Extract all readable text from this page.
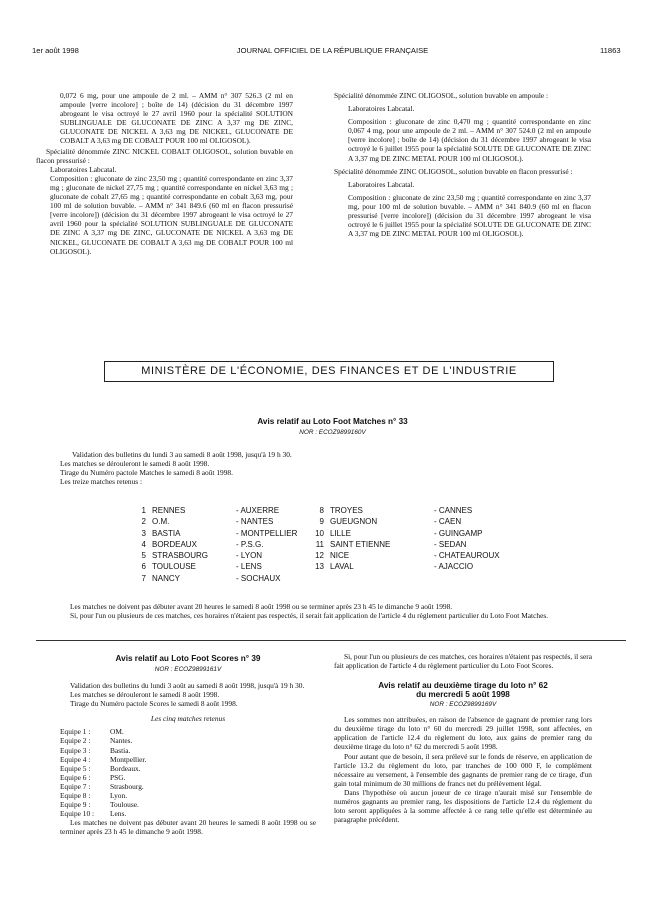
1er août 1998	JOURNAL OFFICIEL DE LA RÉPUBLIQUE FRANÇAISE	11863

0,072 6 mg, pour une ampoule de 2 ml. – AMM n° 307 526.3 (2 ml en ampoule [verre incolore] ; boîte de 14) (décision du 31 décembre 1997 abrogeant le visa octroyé le 27 avril 1960 pour la spécialité SOLUTION SUBLINGUALE DE GLUCONATE DE ZINC A 3,37 mg DE ZINC, GLUCONATE DE NICKEL A 3,63 mg DE NICKEL, GLUCONATE DE COBALT A 3,63 mg DE COBALT POUR 100 ml OLIGOSOL).

Spécialité dénommée ZINC NICKEL COBALT OLIGOSOL, solution buvable en flacon pressurisé :

Laboratoires Labcatal.

Composition : gluconate de zinc 23,50 mg ; quantité correspondante en zinc 3,37 mg ; gluconate de nickel 27,75 mg ; quantité correspondante en nickel 3,63 mg ; gluconate de cobalt 27,65 mg ; quantité correspondante en cobalt 3,63 mg, pour 100 ml de solution buvable. – AMM n° 341 849.6 (60 ml en flacon pressurisé [verre incolore]) (décision du 31 décembre 1997 abrogeant le visa octroyé le 27 avril 1960 pour la spécialité SOLUTION SUBLINGUALE DE GLUCONATE DE ZINC A 3,37 mg DE ZINC, GLUCONATE DE NICKEL A 3,63 mg DE NICKEL, GLUCONATE DE COBALT A 3,63 mg DE COBALT POUR 100 ml OLIGOSOL).

Spécialité dénommée ZINC OLIGOSOL, solution buvable en ampoule :

Laboratoires Labcatal.

Composition : gluconate de zinc 0,470 mg ; quantité correspondante en zinc 0,067 4 mg, pour une ampoule de 2 ml. – AMM n° 307 524.0 (2 ml en ampoule [verre incolore] ; boîte de 14) (décision du 31 décembre 1997 abrogeant le visa octroyé le 6 juillet 1955 pour la spécialité SOLUTE DE GLUCONATE DE ZINC A 3,37 mg DE ZINC METAL POUR 100 ml OLIGOSOL).

Spécialité dénommée ZINC OLIGOSOL, solution buvable en flacon pressurisé :

Laboratoires Labcatal.

Composition : gluconate de zinc 23,50 mg ; quantité correspondante en zinc 3,37 mg, pour 100 ml de solution buvable. – AMM n° 341 840.9 (60 ml en flacon pressurisé [verre incolore]) (décision du 31 décembre 1997 abrogeant le visa octroyé le 6 juillet 1955 pour la spécialité SOLUTE DE GLUCONATE DE ZINC A 3,37 mg DE ZINC METAL POUR 100 ml OLIGOSOL).

MINISTÈRE DE L'ÉCONOMIE, DES FINANCES ET DE L'INDUSTRIE
Avis relatif au Loto Foot Matches n° 33
NOR : ECOZ9899160V

Validation des bulletins du lundi 3 au samedi 8 août 1998, jusqu'à 19 h 30.

Les matches se dérouleront le samedi 8 août 1998.

Tirage du Numéro pactole Matches le samedi 8 août 1998.

Les treize matches retenus :

1 RENNES	- AUXERRE
2 O.M.	- NANTES
3 BASTIA	- MONTPELLIER
4 BORDEAUX	- P.S.G.
5 STRASBOURG	- LYON
6 TOULOUSE	- LENS
7 NANCY	- SOCHAUX
8 TROYES	- CANNES
9 GUEUGNON	- CAEN
10 LILLE	- GUINGAMP
11 SAINT ETIENNE	- SEDAN
12 NICE	- CHATEAUROUX
13 LAVAL	- AJACCIO

Les matches ne doivent pas débuter avant 20 heures le samedi 8 août 1998 ou se terminer après 23 h 45 le dimanche 9 août 1998.

Si, pour l'un ou plusieurs de ces matches, ces horaires n'étaient pas respectés, il serait fait application de l'article 4 du règlement particulier du Loto Foot Matches.

Avis relatif au Loto Foot Scores n° 39
NOR : ECOZ9899161V

Validation des bulletins du lundi 3 août au samedi 8 août 1998, jusqu'à 19 h 30.

Les matches se dérouleront le samedi 8 août 1998.

Tirage du Numéro pactole Scores le samedi 8 août 1998.

Les cinq matches retenus

Equipe 1 :	OM.
Equipe 2 :	Nantes.
Equipe 3 :	Bastia.
Equipe 4 :	Montpellier.
Equipe 5 :	Bordeaux.
Equipe 6 :	PSG.
Equipe 7 :	Strasbourg.
Equipe 8 :	Lyon.
Equipe 9 :	Toulouse.
Equipe 10 :	Lens.

Les matches ne doivent pas débuter avant 20 heures le samedi 8 août 1998 ou se terminer après 23 h 45 le dimanche 9 août 1998.

Si, pour l'un ou plusieurs de ces matches, ces horaires n'étaient pas respectés, il sera fait application de l'article 4 du règlement particulier du Loto Foot Scores.

Avis relatif au deuxième tirage du loto n° 62
du mercredi 5 août 1998
NOR : ECOZ9899169V

Les sommes non attribuées, en raison de l'absence de gagnant de premier rang lors du deuxième tirage du loto n° 60 du mercredi 29 juillet 1998, sont affectées, en application de l'article 12.4 du règlement du loto, aux gains de premier rang du deuxième tirage du loto n° 62 du mercredi 5 août 1998.

Pour autant que de besoin, il sera prélevé sur le fonds de réserve, en application de l'article 13.2 du règlement du loto, par tranches de 100 000 F, le complément nécessaire au versement, à l'ensemble des gagnants de premier rang de ce tirage, d'un gain total minimum de 30 millions de francs net du prélèvement légal.

Dans l'hypothèse où aucun joueur de ce tirage n'aurait misé sur l'ensemble de numéros gagnants au premier rang, les dispositions de l'article 12.4 du règlement du loto seront appliquées à la somme affectée à ce rang telle qu'elle est déterminée au paragraphe précédent.
